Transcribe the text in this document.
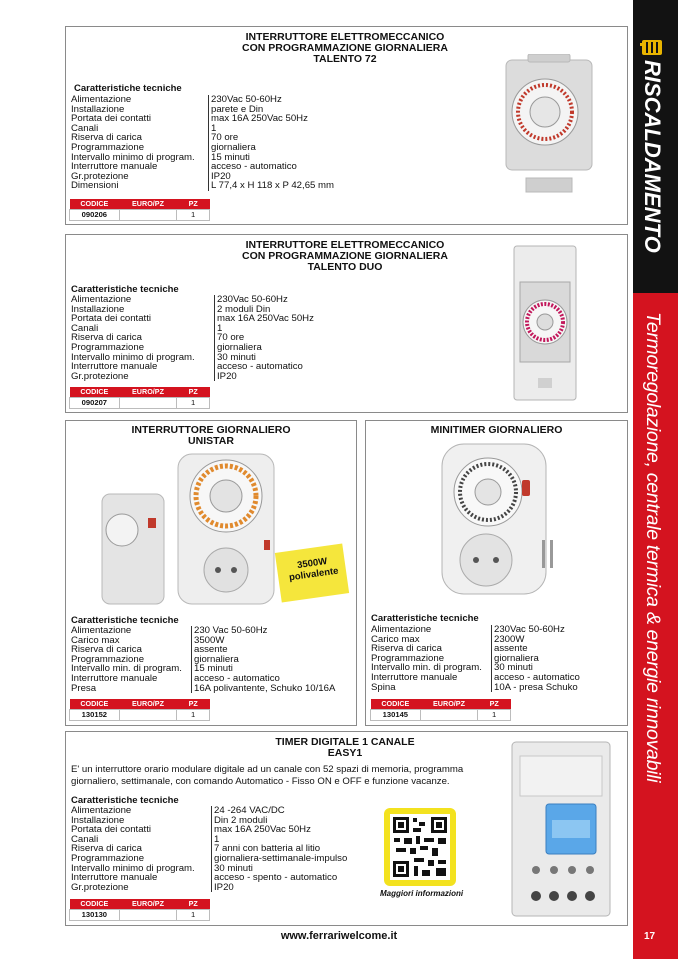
RISCALDAMENTO
Termoregolazione, centrale termica & energie rinnovabili
17
INTERRUTTORE ELETTROMECCANICO
CON PROGRAMMAZIONE GIORNALIERA
TALENTO 72
Caratteristiche tecniche
Alimentazione	230Vac 50-60Hz
Installazione	parete e Din
Portata dei contatti	max 16A 250Vac 50Hz
Canali	1
Riserva di carica	70 ore
Programmazione	giornaliera
Intervallo minimo di program.	15 minuti
Interruttore manuale	acceso - automatico
Gr.protezione	IP20
Dimensioni	L 77,4 x H 118 x P 42,65 mm
CODICE	EURO/PZ	PZ
090206		1
INTERRUTTORE ELETTROMECCANICO
CON PROGRAMMAZIONE GIORNALIERA
TALENTO DUO
Caratteristiche tecniche
Alimentazione	230Vac 50-60Hz
Installazione	2 moduli Din
Portata dei contatti	max 16A 250Vac 50Hz
Canali	1
Riserva di carica	70 ore
Programmazione	giornaliera
Intervallo minimo di program.	30 minuti
Interruttore manuale	acceso - automatico
Gr.protezione	IP20
CODICE	EURO/PZ	PZ
090207		1
INTERRUTTORE GIORNALIERO
UNISTAR
3500W polivalente
Caratteristiche tecniche
Alimentazione	230 Vac 50-60Hz
Carico max	3500W
Riserva di carica	assente
Programmazione	giornaliera
Intervallo min. di program.	15 minuti
Interruttore manuale	acceso - automatico
Presa	16A polivantente, Schuko 10/16A
CODICE	EURO/PZ	PZ
130152		1
MINITIMER GIORNALIERO
Caratteristiche tecniche
Alimentazione	230Vac 50-60Hz
Carico max	2300W
Riserva di carica	assente
Programmazione	giornaliera
Intervallo min. di program.	30 minuti
Interruttore manuale	acceso - automatico
Spina	10A - presa Schuko
CODICE	EURO/PZ	PZ
130145		1
TIMER DIGITALE 1 CANALE
EASY1
E' un interruttore orario modulare digitale ad un canale con 52 spazi di memoria, programma
giornaliero, settimanale, con comando Automatico - Fisso ON e OFF e funzione vacanze.
Caratteristiche tecniche
Alimentazione	24 -264 VAC/DC
Installazione	Din 2 moduli
Portata dei contatti	max 16A 250Vac 50Hz
Canali	1
Riserva di carica	7 anni con batteria al litio
Programmazione	giornaliera-settimanale-impulso
Intervallo minimo di program.	30 minuti
Interruttore manuale	acceso - spento - automatico
Gr.protezione	IP20
CODICE	EURO/PZ	PZ
130130		1
Maggiori informazioni
www.ferrariwelcome.it
